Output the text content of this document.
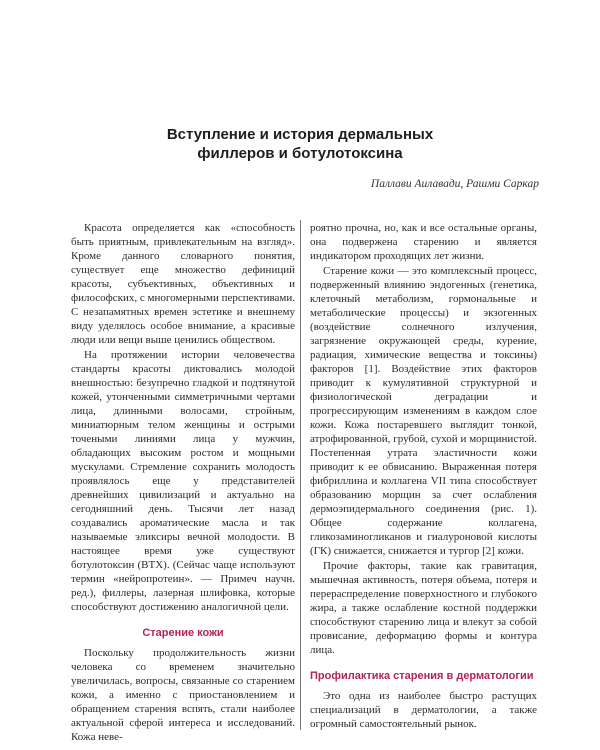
Вступление и история дермальных
филлеров и ботулотоксина
Паллави Аилавади, Рашми Саркар

Красота определяется как «способность быть приятным, привлекательным на взгляд». Кроме данного словарного понятия, существует еще множество дефиниций красоты, субъективных, объективных и философских, с многомерными перспективами. С незапамятных времен эстетике и внешнему виду уделялось особое внимание, а красивые люди или вещи выше ценились обществом.

На протяжении истории человечества стандарты красоты диктовались молодой внешностью: безупречно гладкой и подтянутой кожей, утонченными симметричными чертами лица, длинными волосами, стройным, миниатюрным телом женщины и острыми точеными линиями лица у мужчин, обладающих высоким ростом и мощными мускулами. Стремление сохранить молодость проявлялось еще у представителей древнейших цивилизаций и актуально на сегодняшний день. Тысячи лет назад создавались ароматические масла и так называемые эликсиры вечной молодости. В настоящее время уже существуют ботулотоксин (BTX). (Сейчас чаще используют термин «нейропротеин». — Примеч научн. ред.), филлеры, лазерная шлифовка, которые способствуют достижению аналогичной цели.

Старение кожи

Поскольку продолжительность жизни человека со временем значительно увеличилась, вопросы, связанные со старением кожи, а именно с приостановлением и обращением старения вспять, стали наиболее актуальной сферой интереса и исследований. Кожа неве-

роятно прочна, но, как и все остальные органы, она подвержена старению и является индикатором проходящих лет жизни.

Старение кожи — это комплексный процесс, подверженный влиянию эндогенных (генетика, клеточный метаболизм, гормональные и метаболические процессы) и экзогенных (воздействие солнечного излучения, загрязнение окружающей среды, курение, радиация, химические вещества и токсины) факторов [1]. Воздействие этих факторов приводит к кумулятивной структурной и физиологической деградации и прогрессирующим изменениям в каждом слое кожи. Кожа постаревшего выглядит тонкой, атрофированной, грубой, сухой и морщинистой. Постепенная утрата эластичности кожи приводит к ее обвисанию. Выраженная потеря фибриллина и коллагена VII типа способствует образованию морщин за счет ослабления дермоэпидермального соединения (рис. 1). Общее содержание коллагена, гликозаминогликанов и гиалуроновой кислоты (ГК) снижается, снижается и тургор [2] кожи.

Прочие факторы, такие как гравитация, мышечная активность, потеря объема, потеря и перераспределение поверхностного и глубокого жира, а также ослабление костной поддержки способствуют старению лица и влекут за собой провисание, деформацию формы и контура лица.

Профилактика старения в дерматологии

Это одна из наиболее быстро растущих специализаций в дерматологии, а также огромный самостоятельный рынок.
